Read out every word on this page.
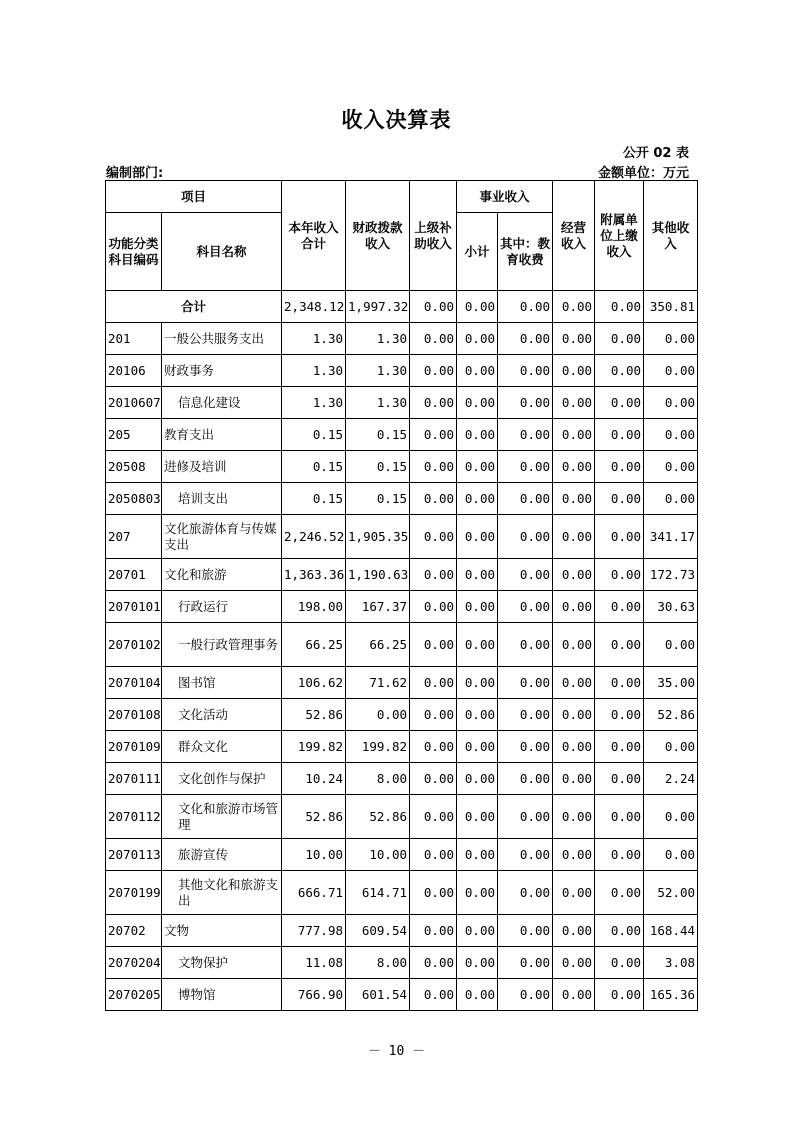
收入决算表
公开 02 表
编制部门:	金额单位：万元
项目		本年收入合计	财政拨款收入	上级补助收入	事业收入		经营收入	附属单位上缴收入	其他收入
功能分类科目编码	科目名称				小计	其中：教育收费			
合计		2,348.12	1,997.32	0.00	0.00	0.00	0.00	0.00	350.81
201	一般公共服务支出	1.30	1.30	0.00	0.00	0.00	0.00	0.00	0.00
20106	财政事务	1.30	1.30	0.00	0.00	0.00	0.00	0.00	0.00
2010607	信息化建设	1.30	1.30	0.00	0.00	0.00	0.00	0.00	0.00
205	教育支出	0.15	0.15	0.00	0.00	0.00	0.00	0.00	0.00
20508	进修及培训	0.15	0.15	0.00	0.00	0.00	0.00	0.00	0.00
2050803	培训支出	0.15	0.15	0.00	0.00	0.00	0.00	0.00	0.00
207	文化旅游体育与传媒支出	2,246.52	1,905.35	0.00	0.00	0.00	0.00	0.00	341.17
20701	文化和旅游	1,363.36	1,190.63	0.00	0.00	0.00	0.00	0.00	172.73
2070101	行政运行	198.00	167.37	0.00	0.00	0.00	0.00	0.00	30.63
2070102	一般行政管理事务	66.25	66.25	0.00	0.00	0.00	0.00	0.00	0.00
2070104	图书馆	106.62	71.62	0.00	0.00	0.00	0.00	0.00	35.00
2070108	文化活动	52.86	0.00	0.00	0.00	0.00	0.00	0.00	52.86
2070109	群众文化	199.82	199.82	0.00	0.00	0.00	0.00	0.00	0.00
2070111	文化创作与保护	10.24	8.00	0.00	0.00	0.00	0.00	0.00	2.24
2070112	文化和旅游市场管理	52.86	52.86	0.00	0.00	0.00	0.00	0.00	0.00
2070113	旅游宣传	10.00	10.00	0.00	0.00	0.00	0.00	0.00	0.00
2070199	其他文化和旅游支出	666.71	614.71	0.00	0.00	0.00	0.00	0.00	52.00
20702	文物	777.98	609.54	0.00	0.00	0.00	0.00	0.00	168.44
2070204	文物保护	11.08	8.00	0.00	0.00	0.00	0.00	0.00	3.08
2070205	博物馆	766.90	601.54	0.00	0.00	0.00	0.00	0.00	165.36
－ 10 －
